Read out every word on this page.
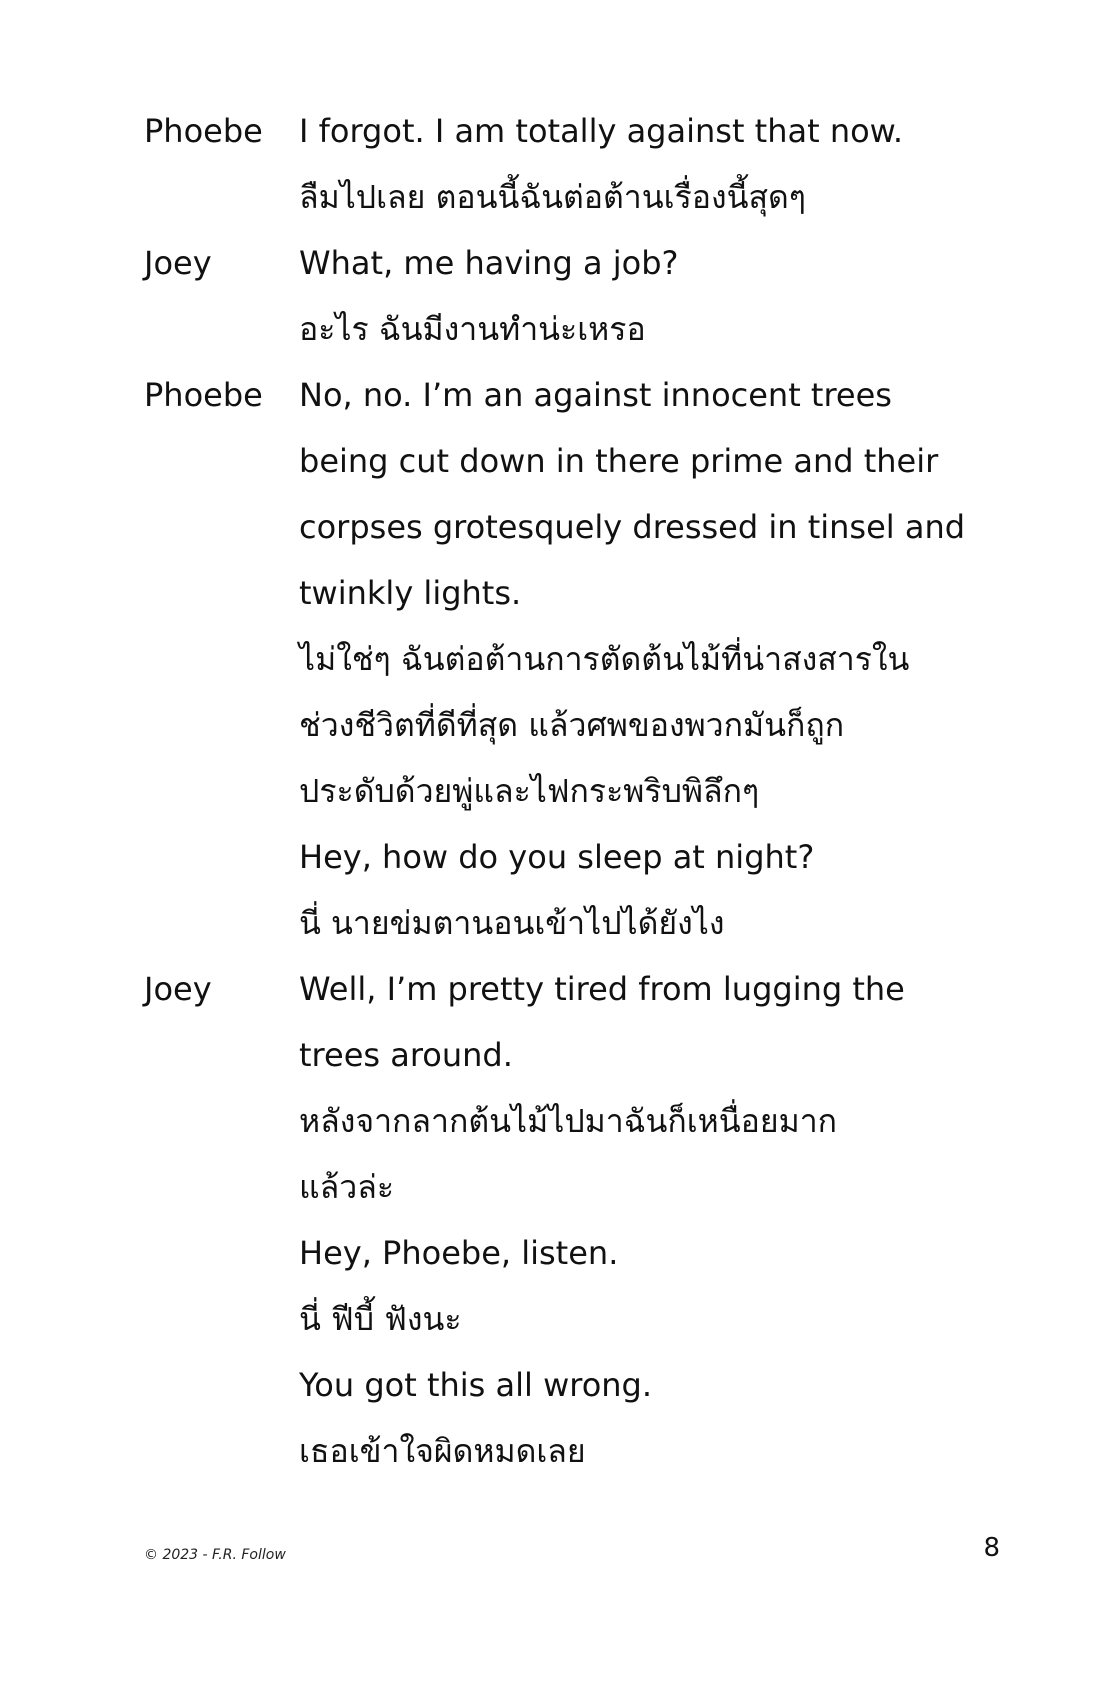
Phoebe	I forgot. I am totally against that now.
ลืมไปเลย ตอนนี้ฉันต่อต้านเรื่องนี้สุดๆ
Joey	What, me having a job?
อะไร ฉันมีงานทำน่ะเหรอ
Phoebe	No, no. I’m an against innocent trees
being cut down in there prime and their
corpses grotesquely dressed in tinsel and
twinkly lights.
ไม่ใช่ๆ ฉันต่อต้านการตัดต้นไม้ที่น่าสงสารใน
ช่วงชีวิตที่ดีที่สุด แล้วศพของพวกมันก็ถูก
ประดับด้วยพู่และไฟกระพริบพิลึกๆ
Hey, how do you sleep at night?
นี่ นายข่มตานอนเข้าไปได้ยังไง
Joey	Well, I’m pretty tired from lugging the
trees around.
หลังจากลากต้นไม้ไปมาฉันก็เหนื่อยมาก
แล้วล่ะ
Hey, Phoebe, listen.
นี่ ฟีบี้ ฟังนะ
You got this all wrong.
เธอเข้าใจผิดหมดเลย
© 2023 - F.R. Follow	8
